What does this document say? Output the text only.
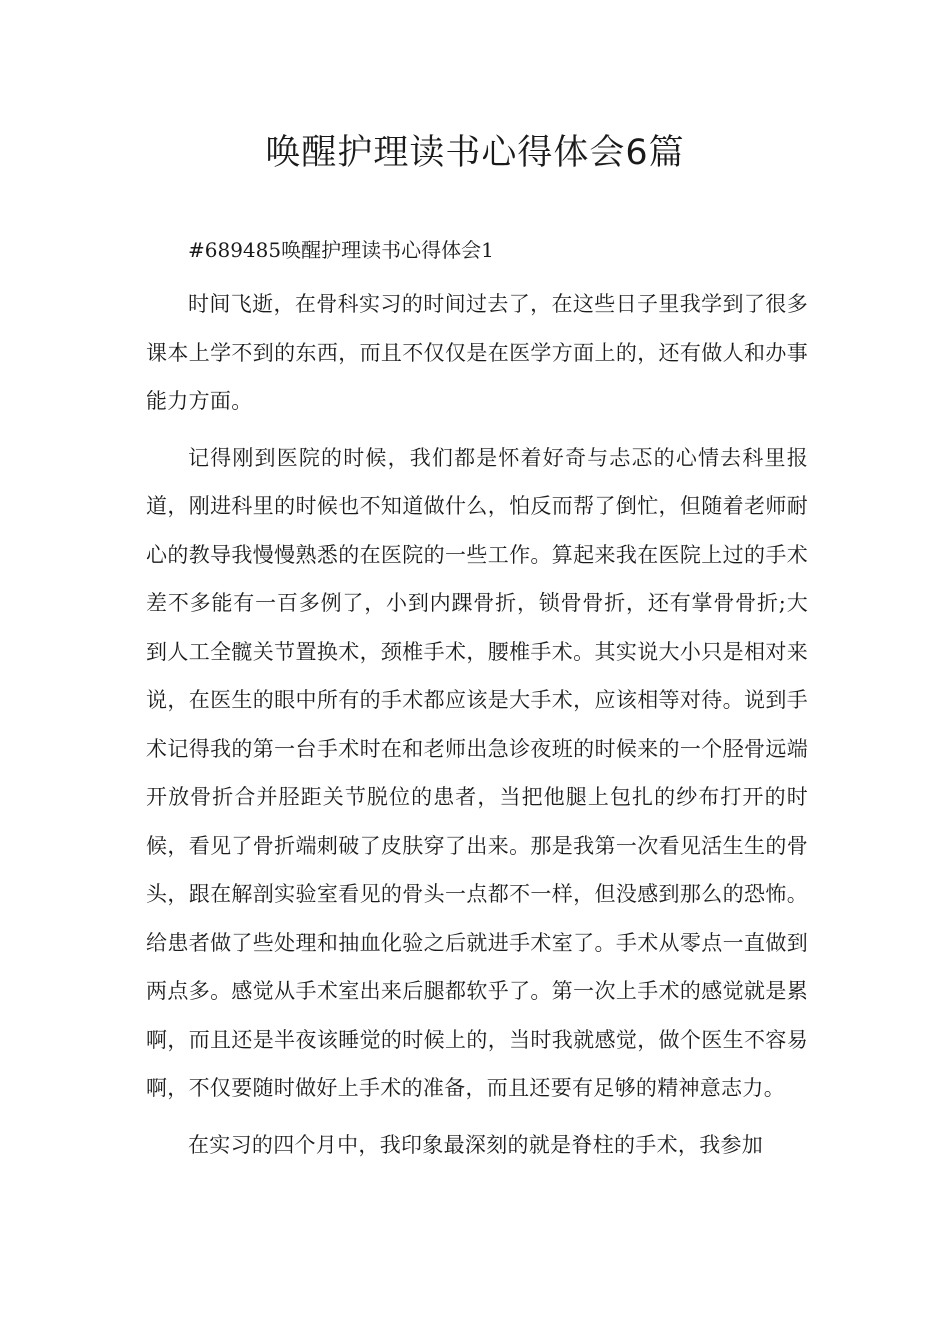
唤醒护理读书心得体会6篇
#689485唤醒护理读书心得体会1

时间飞逝，在骨科实习的时间过去了，在这些日子里我学到了很多课本上学不到的东西，而且不仅仅是在医学方面上的，还有做人和办事能力方面。

记得刚到医院的时候，我们都是怀着好奇与忐忑的心情去科里报道，刚进科里的时候也不知道做什么，怕反而帮了倒忙，但随着老师耐心的教导我慢慢熟悉的在医院的一些工作。算起来我在医院上过的手术差不多能有一百多例了，小到内踝骨折，锁骨骨折，还有掌骨骨折;大到人工全髋关节置换术，颈椎手术，腰椎手术。其实说大小只是相对来说，在医生的眼中所有的手术都应该是大手术，应该相等对待。说到手术记得我的第一台手术时在和老师出急诊夜班的时候来的一个胫骨远端开放骨折合并胫距关节脱位的患者，当把他腿上包扎的纱布打开的时候，看见了骨折端刺破了皮肤穿了出来。那是我第一次看见活生生的骨头，跟在解剖实验室看见的骨头一点都不一样，但没感到那么的恐怖。给患者做了些处理和抽血化验之后就进手术室了。手术从零点一直做到两点多。感觉从手术室出来后腿都软乎了。第一次上手术的感觉就是累啊，而且还是半夜该睡觉的时候上的，当时我就感觉，做个医生不容易啊，不仅要随时做好上手术的准备，而且还要有足够的精神意志力。

在实习的四个月中，我印象最深刻的就是脊柱的手术，我参加
